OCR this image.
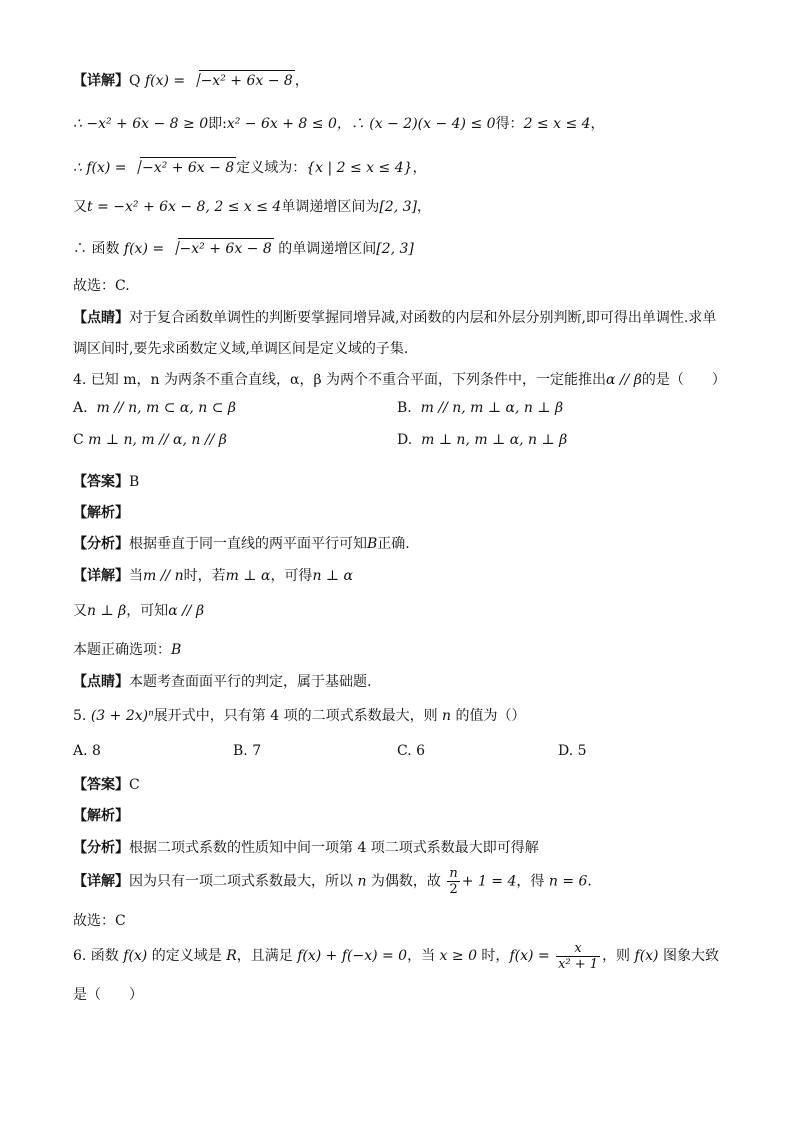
【详解】Q f(x) = −x² + 6x − 8 ，
∴ −x² + 6x − 8 ≥ 0即:x² − 6x + 8 ≤ 0，∴ (x − 2)(x − 4) ≤ 0得：2 ≤ x ≤ 4，
∴ f(x) = −x² + 6x − 8 定义域为：{x | 2 ≤ x ≤ 4}，
又t = −x² + 6x − 8, 2 ≤ x ≤ 4单调递增区间为[2, 3]，
∴ 函数 f(x) = −x² + 6x − 8 的单调递增区间[2, 3]
故选：C.
【点睛】对于复合函数单调性的判断要掌握同增异减,对函数的内层和外层分别判断,即可得出单调性.求单
调区间时,要先求函数定义域,单调区间是定义域的子集.
4. 已知 m，n 为两条不重合直线，α，β 为两个不重合平面，下列条件中，一定能推出α // β的是（　　）
A. m // n, m ⊂ α, n ⊂ β	B. m // n, m ⊥ α, n ⊥ β
C m ⊥ n, m // α, n // β	D. m ⊥ n, m ⊥ α, n ⊥ β
【答案】B
【解析】
【分析】根据垂直于同一直线的两平面平行可知B正确.
【详解】当m // n时，若m ⊥ α，可得n ⊥ α
又n ⊥ β，可知α // β
本题正确选项：B
【点睛】本题考查面面平行的判定，属于基础题.
5. (3 + 2x)ⁿ展开式中，只有第 4 项的二项式系数最大，则 n 的值为（）
A. 8	B. 7	C. 6	D. 5
【答案】C
【解析】
【分析】根据二项式系数的性质知中间一项第 4 项二项式系数最大即可得解
【详解】因为只有一项二项式系数最大，所以 n 为偶数，故 $\frac{n}{2} + 1 = 4$，得 n = 6.
故选：C
6. 函数 f(x) 的定义域是 R，且满足 f(x) + f(−x) = 0，当 x ≥ 0 时，$f(x) = \frac{x}{\text{x² + 1}}$ ，则 f(x) 图象大致
是（　　）
